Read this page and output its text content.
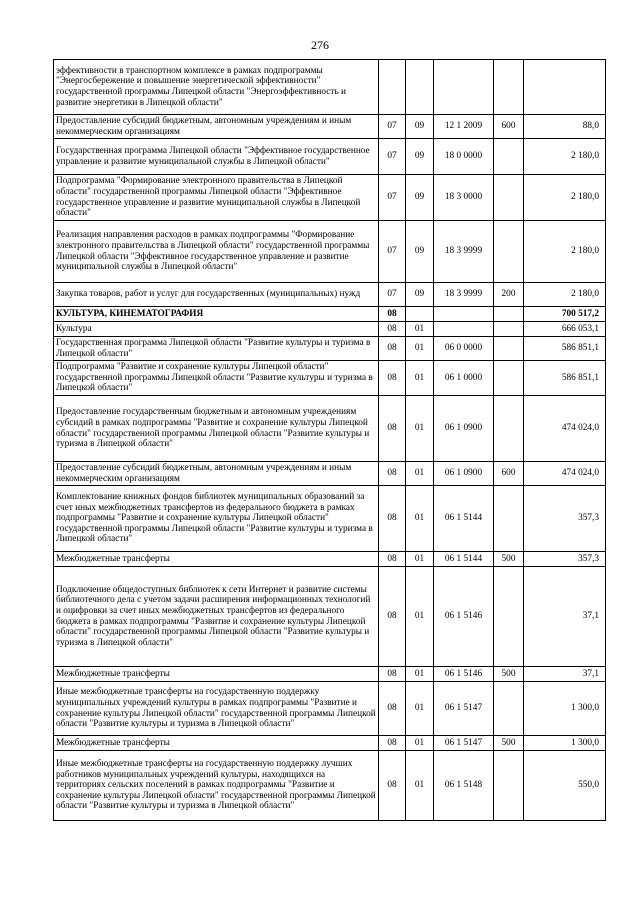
276
эффективности в транспортном комплексе в рамках подпрограммы "Энергосбережение и повышение энергетической эффективности" государственной программы Липецкой области "Энергоэффективность и развитие энергетики в Липецкой области"					
Предоставление субсидий бюджетным, автономным учреждениям и иным некоммерческим организациям	07	09	12 1 2009	600	88,0
Государственная программа Липецкой области "Эффективное государственное управление и развитие муниципальной службы в Липецкой области"	07	09	18 0 0000		2 180,0
Подпрограмма "Формирование электронного правительства в Липецкой области" государственной программы Липецкой области "Эффективное государственное управление и развитие муниципальной службы в Липецкой области"	07	09	18 3 0000		2 180,0
Реализация направления расходов в рамках подпрограммы "Формирование электронного правительства в Липецкой области" государственной программы Липецкой области "Эффективное государственное управление и развитие муниципальной службы в Липецкой области"	07	09	18 3 9999		2 180,0
Закупка товаров, работ и услуг для государственных (муниципальных) нужд	07	09	18 3 9999	200	2 180,0
КУЛЬТУРА, КИНЕМАТОГРАФИЯ	08				700 517,2
Культура	08	01			666 053,1
Государственная программа Липецкой области "Развитие культуры и туризма в Липецкой области"	08	01	06 0 0000		586 851,1
Подпрограмма "Развитие и сохранение культуры Липецкой области" государственной программы Липецкой области "Развитие культуры и туризма в Липецкой области"	08	01	06 1 0000		586 851,1
Предоставление государственным бюджетным и автономным учреждениям субсидий в рамках подпрограммы "Развитие и сохранение культуры Липецкой области" государственной программы Липецкой области "Развитие культуры и туризма в Липецкой области"	08	01	06 1 0900		474 024,0
Предоставление субсидий бюджетным, автономным учреждениям и иным некоммерческим организациям	08	01	06 1 0900	600	474 024,0
Комплектование книжных фондов библиотек муниципальных образований за счет иных межбюджетных трансфертов из федерального бюджета в рамках подпрограммы "Развитие и сохранение культуры Липецкой области" государственной программы Липецкой области "Развитие культуры и туризма в Липецкой области"	08	01	06 1 5144		357,3
Межбюджетные трансферты	08	01	06 1 5144	500	357,3
Подключение общедоступных библиотек к сети Интернет и развитие системы библиотечного дела с учетом задачи расширения информационных технологий и оцифровки за счет иных межбюджетных трансфертов из федерального бюджета в рамках подпрограммы "Развитие и сохранение культуры Липецкой области" государственной программы Липецкой области "Развитие культуры и туризма в Липецкой области"	08	01	06 1 5146		37,1
Межбюджетные трансферты	08	01	06 1 5146	500	37,1
Иные межбюджетные трансферты на государственную поддержку муниципальных учреждений культуры в рамках подпрограммы "Развитие и сохранение культуры Липецкой области" государственной программы Липецкой области "Развитие культуры и туризма в Липецкой области"	08	01	06 1 5147		1 300,0
Межбюджетные трансферты	08	01	06 1 5147	500	1 300,0
Иные межбюджетные трансферты на государственную поддержку лучших работников муниципальных учреждений культуры, находящихся на территориях сельских поселений в рамках подпрограммы "Развитие и сохранение культуры Липецкой области" государственной программы Липецкой области "Развитие культуры и туризма в Липецкой области"	08	01	06 1 5148		550,0
